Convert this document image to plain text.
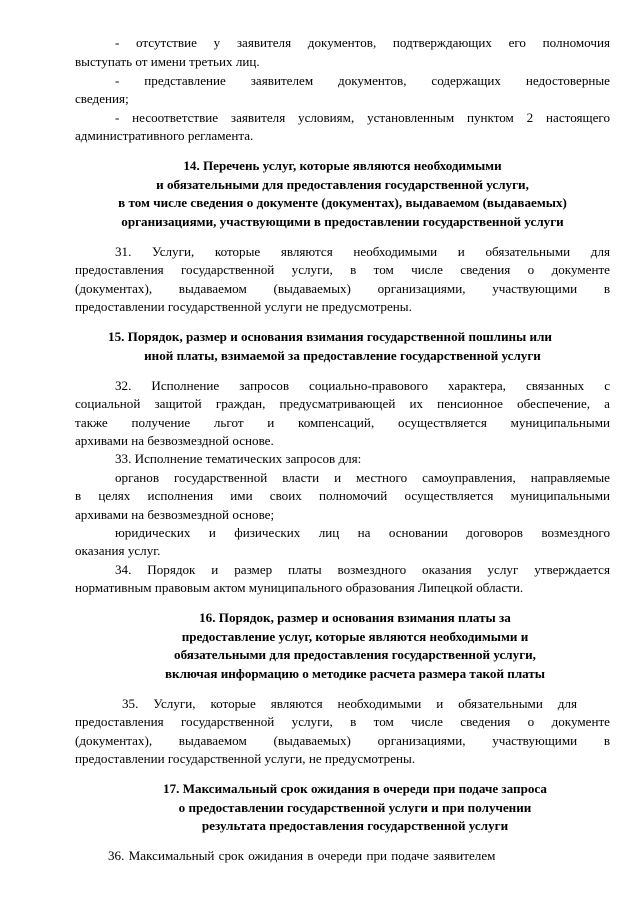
- отсутствие у заявителя документов, подтверждающих его полномочия
выступать от имени третьих лиц.
- представление заявителем документов, содержащих недостоверные
сведения;
- несоответствие заявителя условиям, установленным пунктом 2 настоящего
административного регламента.
14. Перечень услуг, которые являются необходимыми
и обязательными для предоставления государственной услуги,
в том числе сведения о документе (документах), выдаваемом (выдаваемых)
организациями, участвующими в предоставлении государственной услуги
31. Услуги, которые являются необходимыми и обязательными для
предоставления государственной услуги, в том числе сведения о документе
(документах), выдаваемом (выдаваемых) организациями, участвующими в
предоставлении государственной услуги не предусмотрены.
15. Порядок, размер и основания взимания государственной пошлины или
иной платы, взимаемой за предоставление государственной услуги
32. Исполнение запросов социально-правового характера, связанных с
социальной защитой граждан, предусматривающей их пенсионное обеспечение, а
также получение льгот и компенсаций, осуществляется муниципальными
архивами на безвозмездной основе.
33. Исполнение тематических запросов для:
органов государственной власти и местного самоуправления, направляемые
в целях исполнения ими своих полномочий осуществляется муниципальными
архивами на безвозмездной основе;
юридических и физических лиц на основании договоров возмездного
оказания услуг.
34. Порядок и размер платы возмездного оказания услуг утверждается
нормативным правовым актом муниципального образования Липецкой области.
16. Порядок, размер и основания взимания платы за
предоставление услуг, которые являются необходимыми и
обязательными для предоставления государственной услуги,
включая информацию о методике расчета размера такой платы
35. Услуги, которые являются необходимыми и обязательными для
предоставления государственной услуги, в том числе сведения о документе
(документах), выдаваемом (выдаваемых) организациями, участвующими в
предоставлении государственной услуги, не предусмотрены.
17. Максимальный срок ожидания в очереди при подаче запроса
о предоставлении государственной услуги и при получении
результата предоставления государственной услуги
36. Максимальный срок ожидания в очереди при подаче заявителем
